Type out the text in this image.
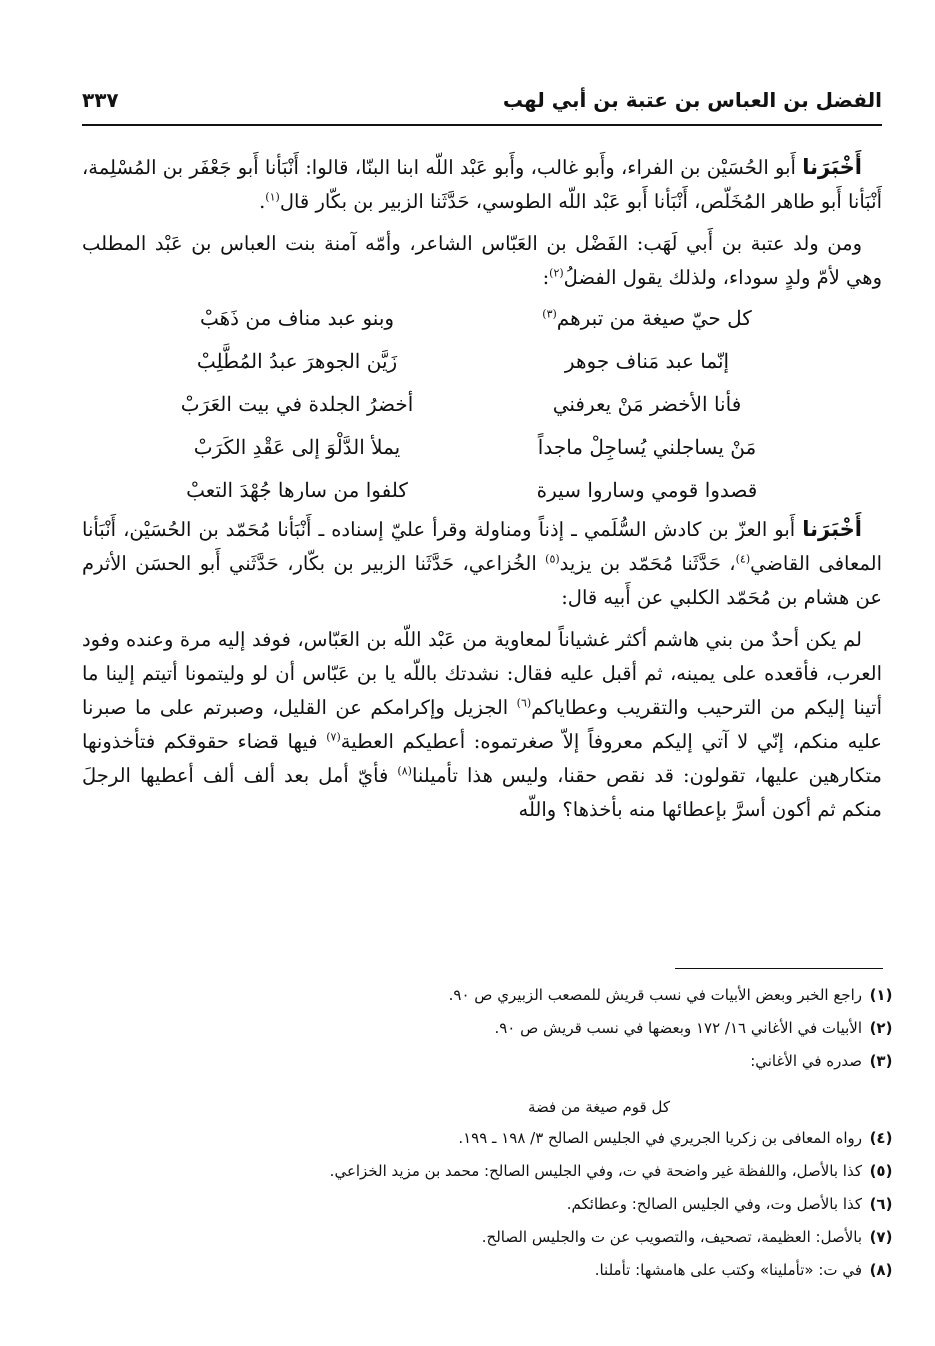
الفضل بن العباس بن عتبة بن أبي لهب
٣٣٧

أَخْبَرَنا أَبو الحُسَيْن بن الفراء، وأَبو غالب، وأَبو عَبْد اللّه ابنا البنّا، قالوا: أَنْبَأنا أَبو جَعْفَر بن المُسْلِمة، أَنْبَأنا أَبو طاهر المُخَلّص، أَنْبَأنا أَبو عَبْد اللّه الطوسي، حَدَّثَنا الزبير بن بكّار قال$^{(١)}$.

ومن ولد عتبة بن أَبي لَهَب: الفَضْل بن العَبّاس الشاعر، وأمّه آمنة بنت العباس بن عَبْد المطلب وهي لأمّ ولدٍ سوداء، ولذلك يقول الفضلُ$^{(٢)}$:

كل حيّ صيغة من تبرهم$^{(٣)}$
وبنو عبد مناف من ذَهَبْ
إنّما عبد مَناف جوهر
زَيَّن الجوهرَ عبدُ المُطَّلِبْ
فأنا الأخضر مَنْ يعرفني
أخضرُ الجلدة في بيت العَرَبْ
مَنْ يساجلني يُساجِلْ ماجداً
يملأ الدَّلْوَ إلى عَقْدِ الكَرَبْ
قصدوا قومي وساروا سيرة
كلفوا من سارها جُهْدَ التعبْ

أَخْبَرَنا أَبو العزّ بن كادش السُّلَمي ـ إذناً ومناولة وقرأ عليّ إسناده ـ أَنْبَأنا مُحَمّد بن الحُسَيْن، أَنْبَأنا المعافى القاضي$^{(٤)}$، حَدَّثَنا مُحَمّد بن يزيد$^{(٥)}$ الخُزاعي، حَدَّثَنا الزبير بن بكّار، حَدَّثَني أَبو الحسَن الأثرم عن هشام بن مُحَمّد الكلبي عن أَبيه قال:

لم يكن أحدٌ من بني هاشم أكثر غشياناً لمعاوية من عَبْد اللّه بن العَبّاس، فوفد إليه مرة وعنده وفود العرب، فأقعده على يمينه، ثم أقبل عليه فقال: نشدتك باللّه يا بن عَبّاس أن لو وليتمونا أتيتم إلينا ما أتينا إليكم من الترحيب والتقريب وعطاياكم$^{(٦)}$ الجزيل وإكرامكم عن القليل، وصبرتم على ما صبرنا عليه منكم، إنّي لا آتي إليكم معروفاً إلاّ صغرتموه: أعطيكم العطية$^{(٧)}$ فيها قضاء حقوقكم فتأخذونها متكارهين عليها، تقولون: قد نقص حقنا، وليس هذا تأميلنا$^{(٨)}$ فأيّ أمل بعد ألف ألف أعطيها الرجلَ منكم ثم أكون أسرَّ بإعطائها منه بأخذها؟ واللّه

(١)
راجع الخبر وبعض الأبيات في نسب قريش للمصعب الزبيري ص ٩٠.
(٢)
الأبيات في الأغاني ١٦/ ١٧٢ وبعضها في نسب قريش ص ٩٠.
(٣)
صدره في الأغاني:
كل قوم صيغة من فضة
(٤)
رواه المعافى بن زكريا الجريري في الجليس الصالح ٣/ ١٩٨ ـ ١٩٩.
(٥)
كذا بالأصل، واللفظة غير واضحة في ت، وفي الجليس الصالح: محمد بن مزيد الخزاعي.
(٦)
كذا بالأصل وت، وفي الجليس الصالح: وعطائكم.
(٧)
بالأصل: العظيمة، تصحيف، والتصويب عن ت والجليس الصالح.
(٨)
في ت: «تأملينا» وكتب على هامشها: تأملنا.
